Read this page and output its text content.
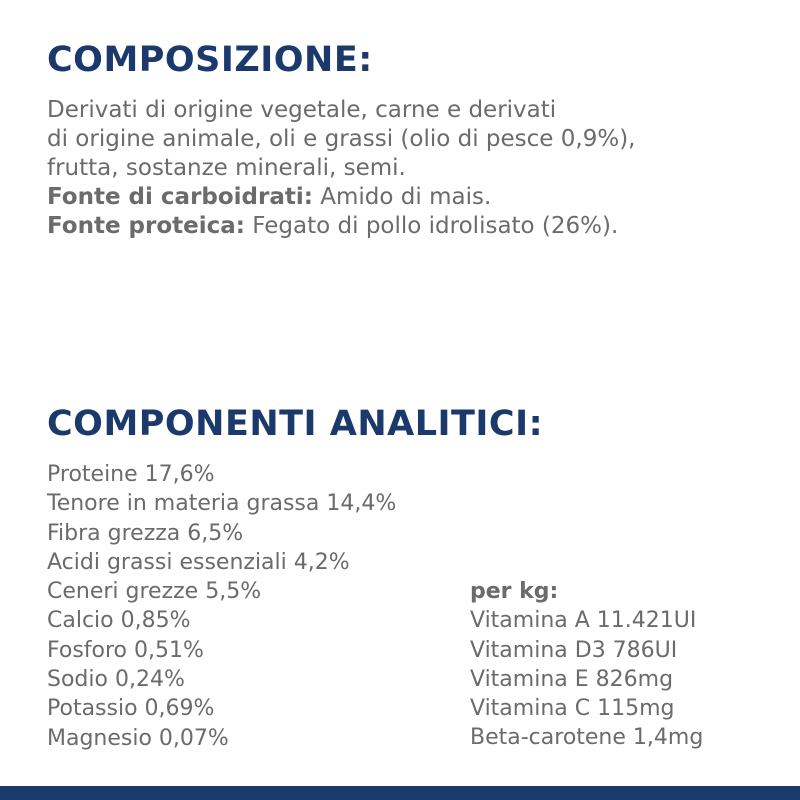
COMPOSIZIONE:
Derivati di origine vegetale, carne e derivati
di origine animale, oli e grassi (olio di pesce 0,9%),
frutta, sostanze minerali, semi.
Fonte di carboidrati: Amido di mais.
Fonte proteica: Fegato di pollo idrolisato (26%).
COMPONENTI ANALITICI:
Proteine 17,6%
Tenore in materia grassa 14,4%
Fibra grezza 6,5%
Acidi grassi essenziali 4,2%
Ceneri grezze 5,5%
Calcio 0,85%
Fosforo 0,51%
Sodio 0,24%
Potassio 0,69%
Magnesio 0,07%
per kg:
Vitamina A 11.421UI
Vitamina D3 786UI
Vitamina E 826mg
Vitamina C 115mg
Beta-carotene 1,4mg
